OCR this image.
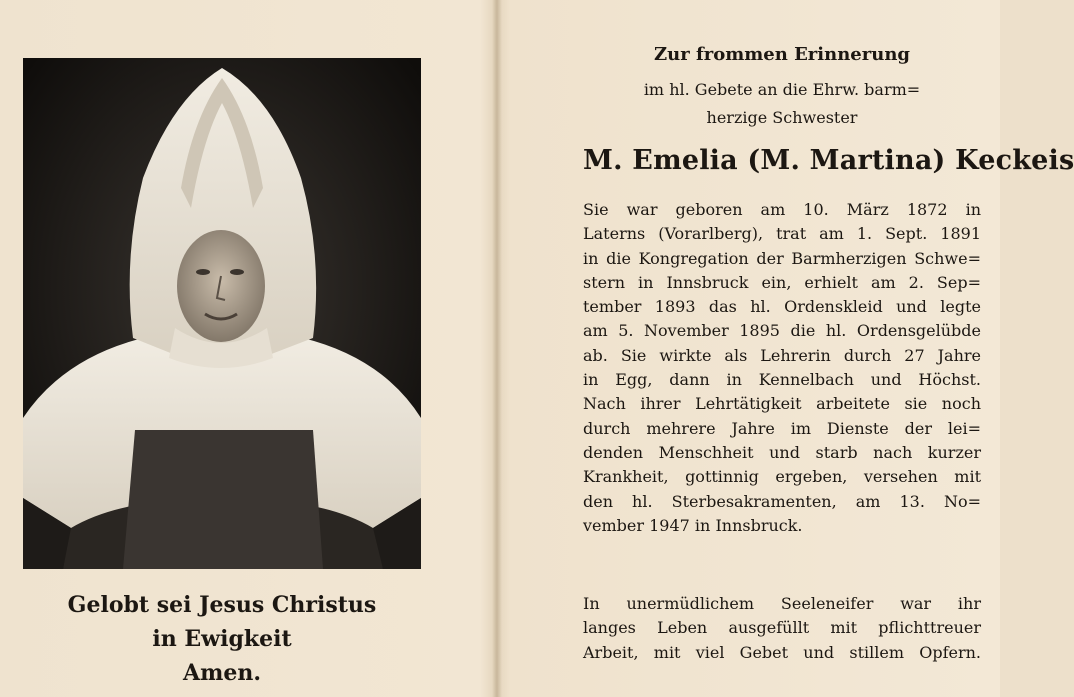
Gelobt sei Jesus Christus
in Ewigkeit
Amen.
Zur frommen Erinnerung
im hl. Gebete an die Ehrw. barm=
herzige Schwester
M. Emelia (M. Martina) Keckeis
Sie war geboren am 10. März 1872 in
Laterns (Vorarlberg), trat am 1. Sept. 1891
in die Kongregation der Barmherzigen Schwe=
stern in Innsbruck ein, erhielt am 2. Sep=
tember 1893 das hl. Ordenskleid und legte
am 5. November 1895 die hl. Ordensgelübde
ab. Sie wirkte als Lehrerin durch 27 Jahre
in Egg, dann in Kennelbach und Höchst.
Nach ihrer Lehrtätigkeit arbeitete sie noch
durch mehrere Jahre im Dienste der lei=
denden Menschheit und starb nach kurzer
Krankheit, gottinnig ergeben, versehen mit
den hl. Sterbesakramenten, am 13. No=
vember 1947 in Innsbruck.
In unermüdlichem Seeleneifer war ihr
langes Leben ausgefüllt mit pflichttreuer
Arbeit, mit viel Gebet und stillem Opfern.
